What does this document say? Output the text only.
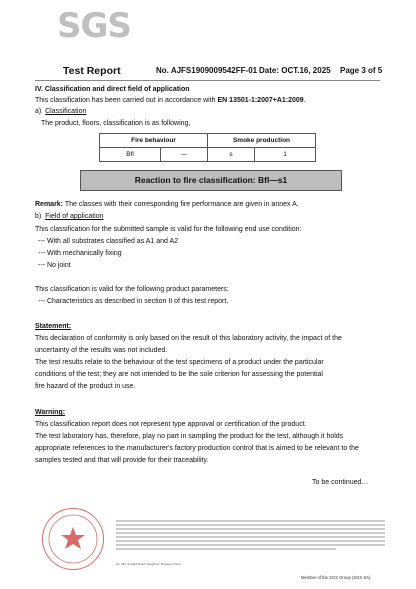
SGS
Test Report	No. AJFS1909009542FF-01 Date: OCT.16, 2025 Page 3 of 5
IV. Classification and direct field of application
This classification has been carried out in accordance with EN 13501-1:2007+A1:2009.
a) Classification
The product, floors, classification is as following,
Fire behaviour		Smoke production	
Bfl	—	s	1
Reaction to fire classification: Bfl—s1
Remark: The classes with their corresponding fire performance are given in annex A.
b) Field of application
This classification for the submitted sample is valid for the following end use condition:
--- With all substrates classified as A1 and A2
--- With mechanically fixing
--- No joint
This classification is valid for the following product parameters:
--- Characteristics as described in section II of this test report.
Statement:
This declaration of conformity is only based on the result of this laboratory activity, the impact of the
uncertainty of the results was not included.
The test results relate to the behaviour of the test specimens of a product under the particular
conditions of the test; they are not intended to be the sole criterion for assessing the potential
fire hazard of the product in use.
Warning:
This classification report does not represent type approval or certification of the product.
The test laboratory has, therefore, play no part in sampling the product for the test, although it holds
appropriate references to the manufacturer's factory production control that is aimed to be relevant to the
samples tested and that will provide for their traceability.
To be continued…
No. 381, Sunlight Road, Hangzhou, Zhejiang, China
Member of the SGS Group (SGS SA)
